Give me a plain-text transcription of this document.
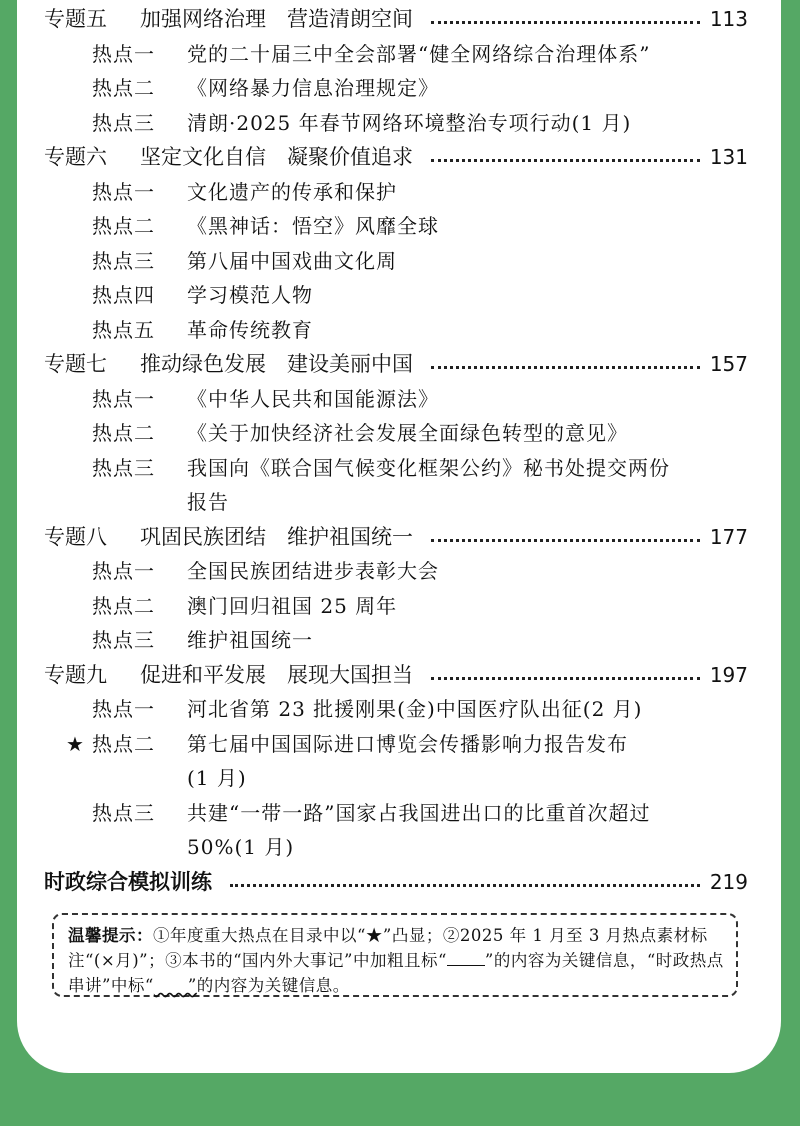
专题五 加强网络治理　营造清朗空间	113
热点一 党的二十届三中全会部署“健全网络综合治理体系”
热点二 《网络暴力信息治理规定》
热点三 清朗·2025 年春节网络环境整治专项行动(1 月)
专题六 坚定文化自信　凝聚价值追求	131
热点一 文化遗产的传承和保护
热点二 《黑神话：悟空》风靡全球
热点三 第八届中国戏曲文化周
热点四 学习模范人物
热点五 革命传统教育
专题七 推动绿色发展　建设美丽中国	157
热点一 《中华人民共和国能源法》
热点二 《关于加快经济社会发展全面绿色转型的意见》
热点三 我国向《联合国气候变化框架公约》秘书处提交两份
报告
专题八 巩固民族团结　维护祖国统一	177
热点一 全国民族团结进步表彰大会
热点二 澳门回归祖国 25 周年
热点三 维护祖国统一
专题九 促进和平发展　展现大国担当	197
热点一 河北省第 23 批援刚果(金)中国医疗队出征(2 月)
★ 热点二 第七届中国国际进口博览会传播影响力报告发布
(1 月)
热点三 共建“一带一路”国家占我国进出口的比重首次超过
50%(1 月)
时政综合模拟训练	219
温馨提示：①年度重大热点在目录中以“★”凸显；②2025 年 1 月至 3 月热点素材标注“(×月)”；③本书的“国内外大事记”中加粗且标“ ”的内容为关键信息，“时政热点串讲”中标“ ”的内容为关键信息。
